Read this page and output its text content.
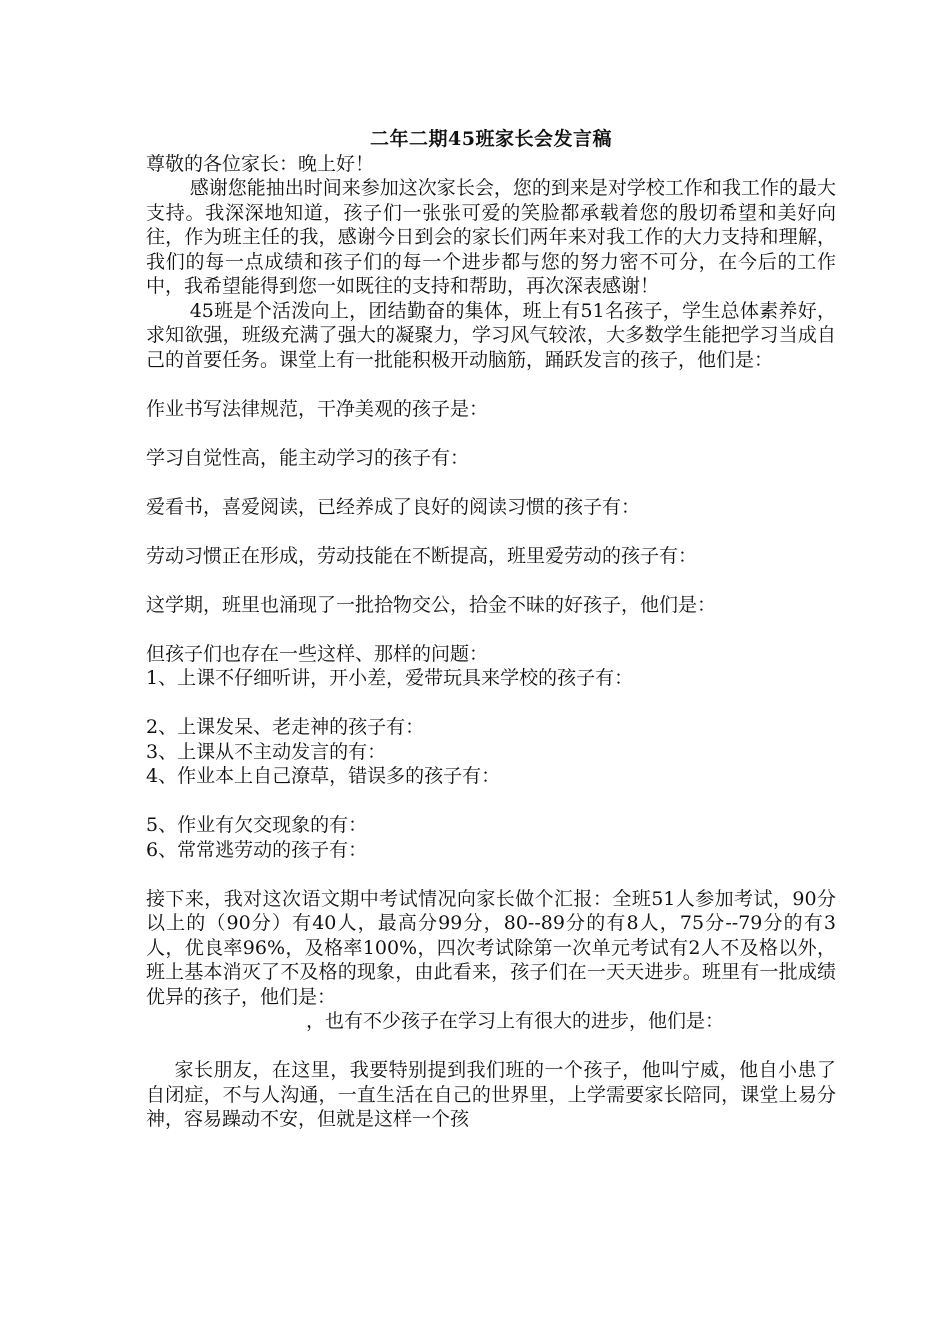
二年二期45班家长会发言稿

尊敬的各位家长：晚上好！

感谢您能抽出时间来参加这次家长会，您的到来是对学校工作和我工作的最大支持。我深深地知道，孩子们一张张可爱的笑脸都承载着您的殷切希望和美好向往，作为班主任的我，感谢今日到会的家长们两年来对我工作的大力支持和理解，我们的每一点成绩和孩子们的每一个进步都与您的努力密不可分，在今后的工作中，我希望能得到您一如既往的支持和帮助，再次深表感谢！

45班是个活泼向上，团结勤奋的集体，班上有51名孩子，学生总体素养好，求知欲强，班级充满了强大的凝聚力，学习风气较浓，大多数学生能把学习当成自己的首要任务。课堂上有一批能积极开动脑筋，踊跃发言的孩子，他们是：

作业书写法律规范，干净美观的孩子是：

学习自觉性高，能主动学习的孩子有：

爱看书，喜爱阅读，已经养成了良好的阅读习惯的孩子有：

劳动习惯正在形成，劳动技能在不断提高，班里爱劳动的孩子有：

这学期，班里也涌现了一批拾物交公，拾金不昧的好孩子，他们是：

但孩子们也存在一些这样、那样的问题：

1、上课不仔细听讲，开小差，爱带玩具来学校的孩子有：

2、上课发呆、老走神的孩子有：

3、上课从不主动发言的有：

4、作业本上自己潦草，错误多的孩子有：

5、作业有欠交现象的有：

6、常常逃劳动的孩子有：

接下来，我对这次语文期中考试情况向家长做个汇报：全班51人参加考试，90分以上的（90分）有40人，最高分99分，80--89分的有8人，75分--79分的有3人，优良率96%，及格率100%，四次考试除第一次单元考试有2人不及格以外，班上基本消灭了不及格的现象，由此看来，孩子们在一天天进步。班里有一批成绩优异的孩子，他们是：

，也有不少孩子在学习上有很大的进步，他们是：

家长朋友，在这里，我要特别提到我们班的一个孩子，他叫宁威，他自小患了自闭症，不与人沟通，一直生活在自己的世界里，上学需要家长陪同，课堂上易分神，容易躁动不安，但就是这样一个孩
